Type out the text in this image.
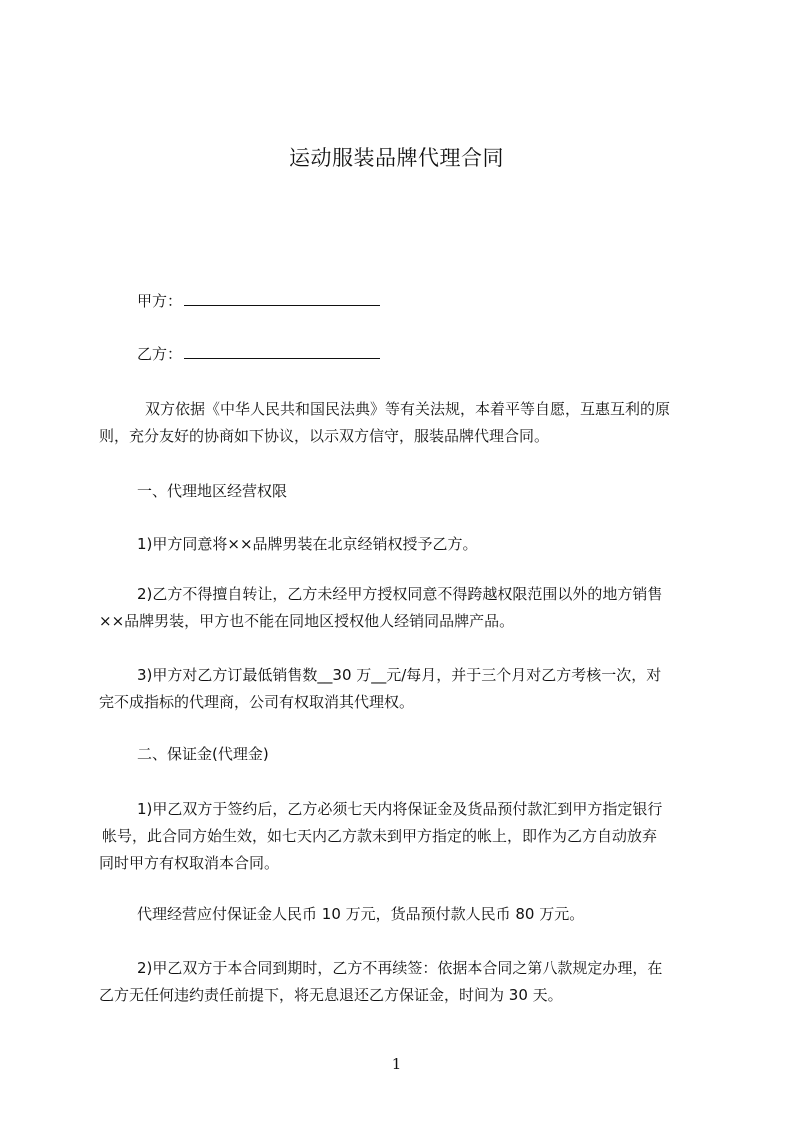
运动服装品牌代理合同
甲方：
乙方：
双方依据《中华人民共和国民法典》等有关法规，本着平等自愿，互惠互利的原
则，充分友好的协商如下协议，以示双方信守，服装品牌代理合同。
一、代理地区经营权限
1)甲方同意将××品牌男装在北京经销权授予乙方。
2)乙方不得擅自转让，乙方未经甲方授权同意不得跨越权限范围以外的地方销售
××品牌男装，甲方也不能在同地区授权他人经销同品牌产品。
3)甲方对乙方订最低销售数__30 万__元/每月，并于三个月对乙方考核一次，对
完不成指标的代理商，公司有权取消其代理权。
二、保证金(代理金)
1)甲乙双方于签约后，乙方必须七天内将保证金及货品预付款汇到甲方指定银行
帐号，此合同方始生效，如七天内乙方款未到甲方指定的帐上，即作为乙方自动放弃
同时甲方有权取消本合同。
代理经营应付保证金人民币 10 万元，货品预付款人民币 80 万元。
2)甲乙双方于本合同到期时，乙方不再续签：依据本合同之第八款规定办理，在
乙方无任何违约责任前提下，将无息退还乙方保证金，时间为 30 天。
1
